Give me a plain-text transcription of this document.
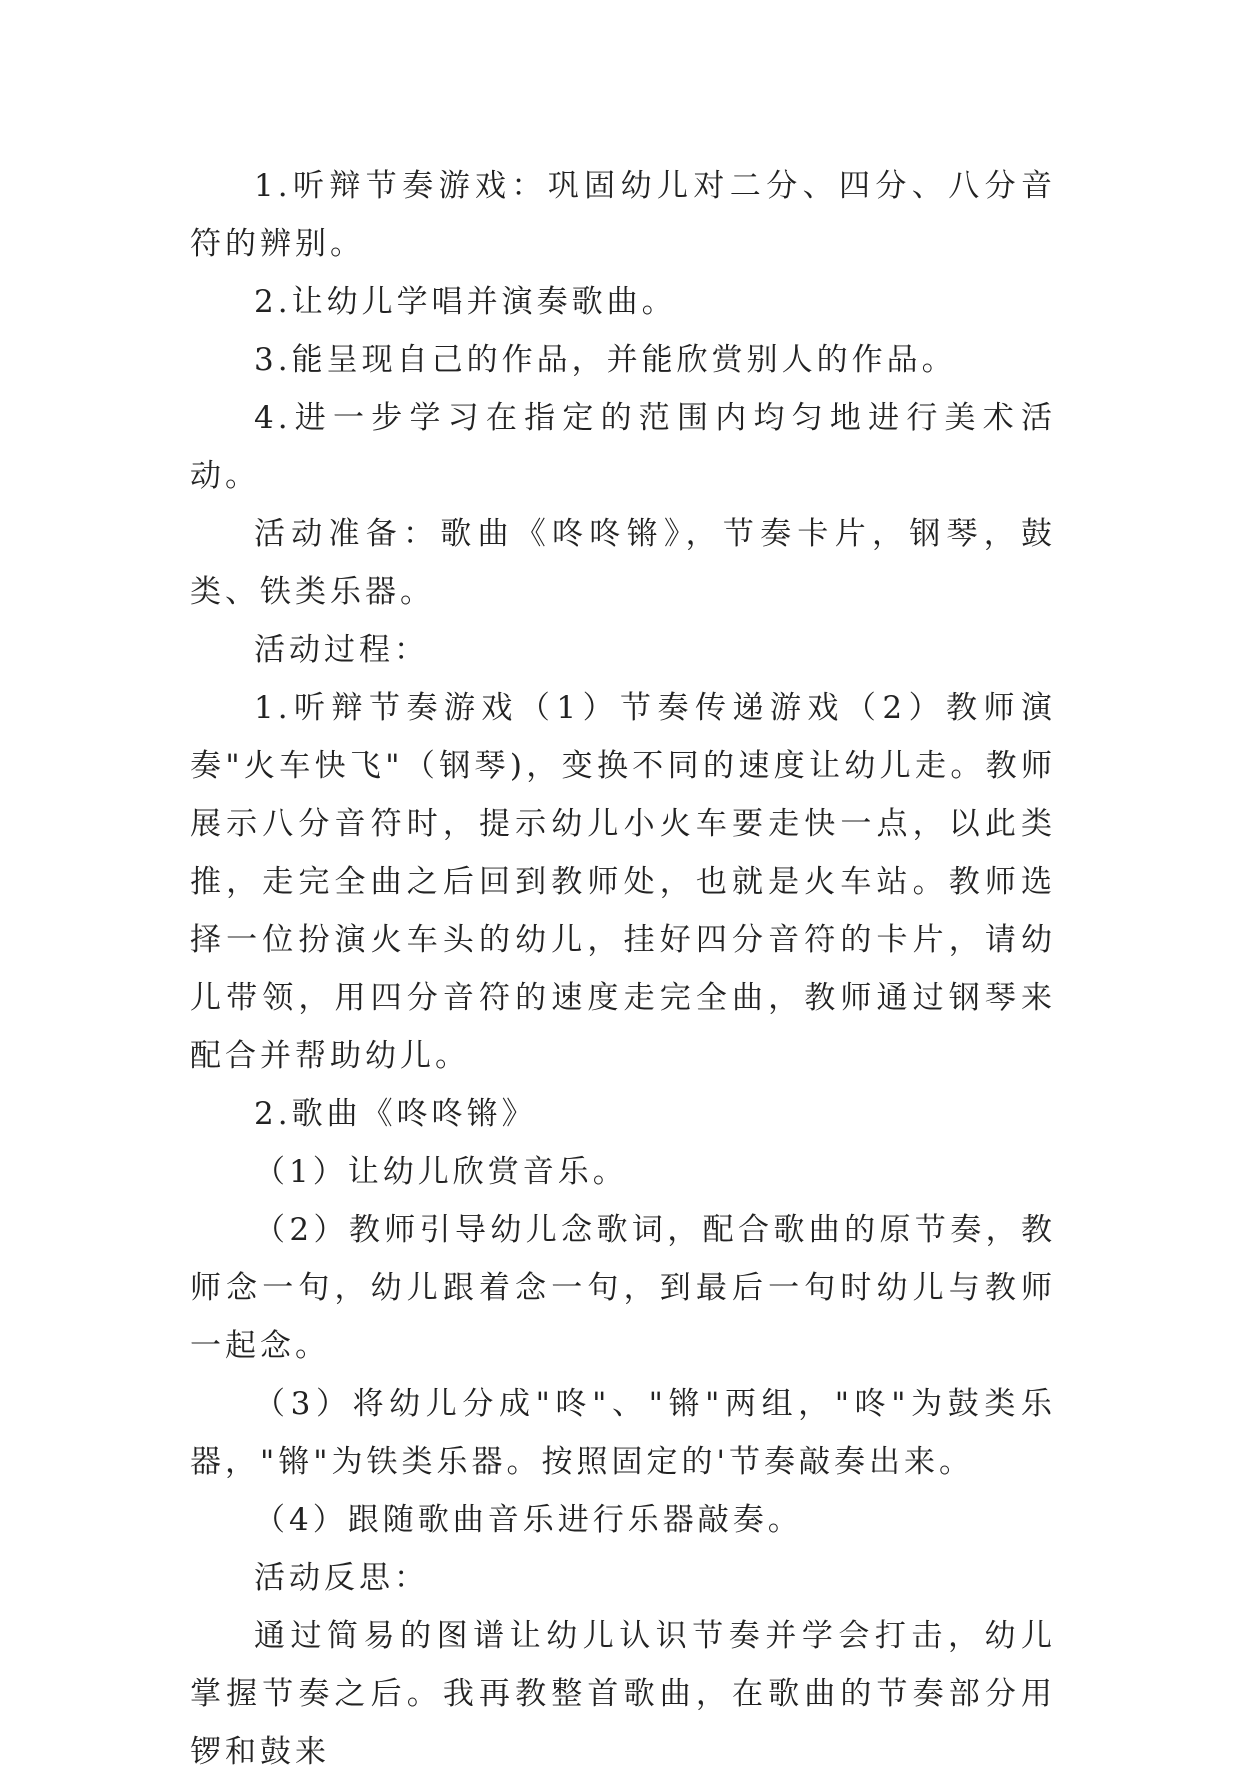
1.听辩节奏游戏：巩固幼儿对二分、四分、八分音符的辨别。

2.让幼儿学唱并演奏歌曲。

3.能呈现自己的作品，并能欣赏别人的作品。

4.进一步学习在指定的范围内均匀地进行美术活动。

活动准备：歌曲《咚咚锵》，节奏卡片，钢琴，鼓类、铁类乐器。

活动过程：

1.听辩节奏游戏（1）节奏传递游戏（2）教师演奏"火车快飞"（钢琴)，变换不同的速度让幼儿走。教师展示八分音符时，提示幼儿小火车要走快一点，以此类推，走完全曲之后回到教师处，也就是火车站。教师选择一位扮演火车头的幼儿，挂好四分音符的卡片，请幼儿带领，用四分音符的速度走完全曲，教师通过钢琴来配合并帮助幼儿。

2.歌曲《咚咚锵》

（1）让幼儿欣赏音乐。

（2）教师引导幼儿念歌词，配合歌曲的原节奏，教师念一句，幼儿跟着念一句，到最后一句时幼儿与教师一起念。

（3）将幼儿分成"咚"、"锵"两组，"咚"为鼓类乐器，"锵"为铁类乐器。按照固定的'节奏敲奏出来。

（4）跟随歌曲音乐进行乐器敲奏。

活动反思：

通过简易的图谱让幼儿认识节奏并学会打击，幼儿掌握节奏之后。我再教整首歌曲，在歌曲的节奏部分用锣和鼓来
